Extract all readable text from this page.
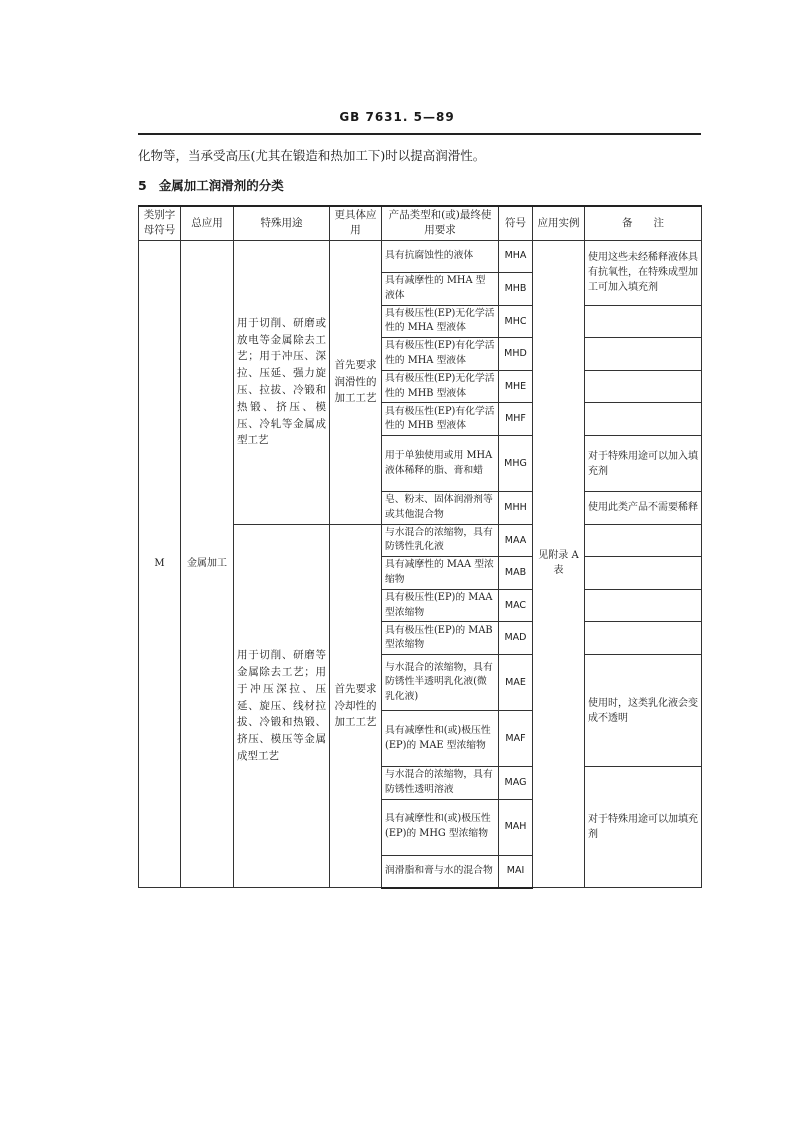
GB 7631. 5—89
化物等，当承受高压(尤其在锻造和热加工下)时以提高润滑性。
5 金属加工润滑剂的分类
类别字母符号	总应用	特殊用途	更具体应用	产品类型和(或)最终使用要求	符号	应用实例	备　　注
M	金属加工	用于切削、研磨或放电等金属除去工艺；用于冲压、深拉、压延、强力旋压、拉拔、冷锻和热锻、挤压、模压、冷轧等金属成型工艺	首先要求润滑性的加工工艺	具有抗腐蚀性的液体	MHA	见附录 A 表	使用这些未经稀释液体具有抗氧性，在特殊成型加工可加入填充剂
				具有减摩性的 MHA 型液体	MHB		
				具有极压性(EP)无化学活性的 MHA 型液体	MHC		
				具有极压性(EP)有化学活性的 MHA 型液体	MHD		
				具有极压性(EP)无化学活性的 MHB 型液体	MHE		
				具有极压性(EP)有化学活性的 MHB 型液体	MHF		
				用于单独使用或用 MHA 液体稀释的脂、膏和蜡	MHG		对于特殊用途可以加入填充剂
				皂、粉末、固体润滑剂等或其他混合物	MHH		使用此类产品不需要稀释
		用于切削、研磨等金属除去工艺；用于冲压深拉、压延、旋压、线材拉拔、冷锻和热锻、挤压、模压等金属成型工艺	首先要求冷却性的加工工艺	与水混合的浓缩物，具有防锈性乳化液	MAA		
				具有减摩性的 MAA 型浓缩物	MAB		
				具有极压性(EP)的 MAA 型浓缩物	MAC		
				具有极压性(EP)的 MAB 型浓缩物	MAD		
				与水混合的浓缩物，具有防锈性半透明乳化液(微乳化液)	MAE		使用时，这类乳化液会变成不透明
				具有减摩性和(或)极压性(EP)的 MAE 型浓缩物	MAF		
				与水混合的浓缩物，具有防锈性透明溶液	MAG		对于特殊用途可以加填充剂
				具有减摩性和(或)极压性(EP)的 MHG 型浓缩物	MAH		
				润滑脂和膏与水的混合物	MAI		
